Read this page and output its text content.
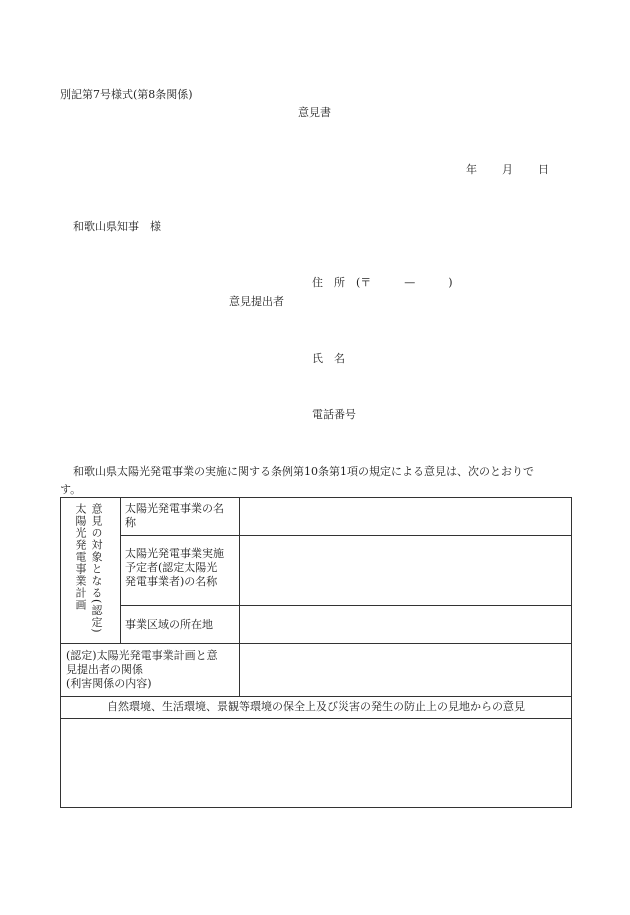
別記第7号様式(第8条関係)
意見書
年 月 日
和歌山県知事　様
住　所　(〒　　　—　　　)
意見提出者
氏　名
電話番号
和歌山県太陽光発電事業の実施に関する条例第10条第1項の規定による意見は、次のとおりで
す。
意見の対象となる(認定)
太陽光発電事業計画	太陽光発電事業の名
称
太陽光発電事業実施
予定者(認定太陽光
発電事業者)の名称
事業区域の所在地
(認定)太陽光発電事業計画と意
見提出者の関係
(利害関係の内容)
自然環境、生活環境、景観等環境の保全上及び災害の発生の防止上の見地からの意見
